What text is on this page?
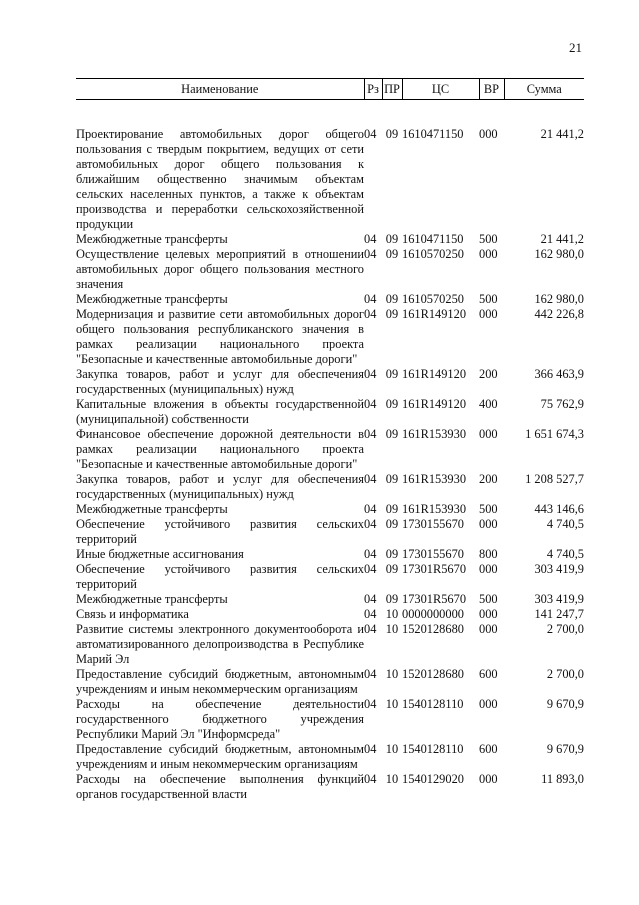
21
Наименование	Рз	ПР	ЦС	ВР	Сумма
Проектирование автомобильных дорог общего пользования с твердым покрытием, ведущих от сети автомобильных дорог общего пользования к ближайшим общественно значимым объектам сельских населенных пунктов, а также к объектам производства и переработки сельскохозяйственной продукции	04	09	1610471150	000	21 441,2
Межбюджетные трансферты	04	09	1610471150	500	21 441,2
Осуществление целевых мероприятий в отношении автомобильных дорог общего пользования местного значения	04	09	1610570250	000	162 980,0
Межбюджетные трансферты	04	09	1610570250	500	162 980,0
Модернизация и развитие сети автомобильных дорог общего пользования республиканского значения в рамках реализации национального проекта "Безопасные и качественные автомобильные дороги"	04	09	161R149120	000	442 226,8
Закупка товаров, работ и услуг для обеспечения государственных (муниципальных) нужд	04	09	161R149120	200	366 463,9
Капитальные вложения в объекты государственной (муниципальной) собственности	04	09	161R149120	400	75 762,9
Финансовое обеспечение дорожной деятельности в рамках реализации национального проекта "Безопасные и качественные автомобильные дороги"	04	09	161R153930	000	1 651 674,3
Закупка товаров, работ и услуг для обеспечения государственных (муниципальных) нужд	04	09	161R153930	200	1 208 527,7
Межбюджетные трансферты	04	09	161R153930	500	443 146,6
Обеспечение устойчивого развития сельских территорий	04	09	1730155670	000	4 740,5
Иные бюджетные ассигнования	04	09	1730155670	800	4 740,5
Обеспечение устойчивого развития сельских территорий	04	09	17301R5670	000	303 419,9
Межбюджетные трансферты	04	09	17301R5670	500	303 419,9
Связь и информатика	04	10	0000000000	000	141 247,7
Развитие системы электронного документооборота и автоматизированного делопроизводства в Республике Марий Эл	04	10	1520128680	000	2 700,0
Предоставление субсидий бюджетным, автономным учреждениям и иным некоммерческим организациям	04	10	1520128680	600	2 700,0
Расходы на обеспечение деятельности государственного бюджетного учреждения Республики Марий Эл "Информсреда"	04	10	1540128110	000	9 670,9
Предоставление субсидий бюджетным, автономным учреждениям и иным некоммерческим организациям	04	10	1540128110	600	9 670,9
Расходы на обеспечение выполнения функций органов государственной власти	04	10	1540129020	000	11 893,0
